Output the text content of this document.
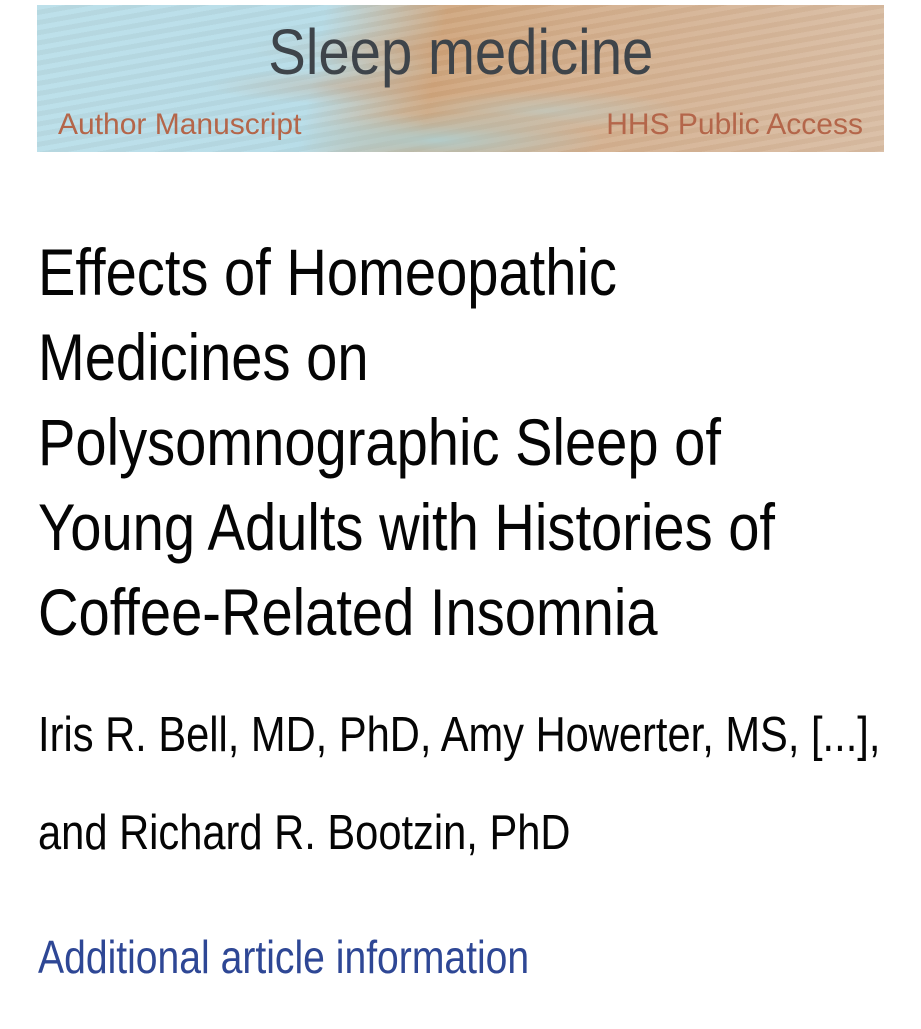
Sleep medicine
Author Manuscript	HHS Public Access
Effects of Homeopathic
Medicines on
Polysomnographic Sleep of
Young Adults with Histories of
Coffee-Related Insomnia
Iris R. Bell, MD, PhD, Amy Howerter, MS, [...],
and Richard R. Bootzin, PhD
Additional article information
